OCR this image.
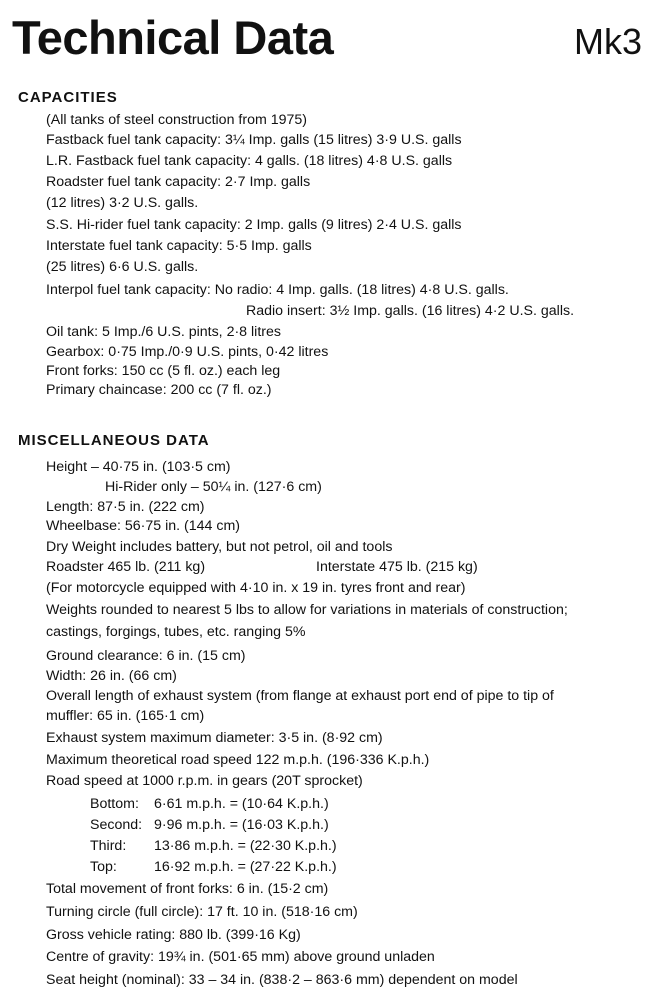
Technical Data	Mk3
CAPACITIES
(All tanks of steel construction from 1975)
Fastback fuel tank capacity: 3¼ Imp. galls (15 litres) 3·9 U.S. galls
L.R. Fastback fuel tank capacity: 4 galls. (18 litres) 4·8 U.S. galls
Roadster fuel tank capacity: 2·7 Imp. galls
(12 litres) 3·2 U.S. galls.
S.S. Hi-rider fuel tank capacity: 2 Imp. galls (9 litres) 2·4 U.S. galls
Interstate fuel tank capacity: 5·5 Imp. galls
(25 litres) 6·6 U.S. galls.
Interpol fuel tank capacity: No radio: 4 Imp. galls. (18 litres) 4·8 U.S. galls.
Radio insert: 3½ Imp. galls. (16 litres) 4·2 U.S. galls.
Oil tank: 5 Imp./6 U.S. pints, 2·8 litres
Gearbox: 0·75 Imp./0·9 U.S. pints, 0·42 litres
Front forks: 150 cc (5 fl. oz.) each leg
Primary chaincase: 200 cc (7 fl. oz.)
MISCELLANEOUS DATA
Height – 40·75 in. (103·5 cm)
Hi-Rider only – 50¼ in. (127·6 cm)
Length: 87·5 in. (222 cm)
Wheelbase: 56·75 in. (144 cm)
Dry Weight includes battery, but not petrol, oil and tools
Roadster 465 lb. (211 kg)	Interstate 475 lb. (215 kg)
(For motorcycle equipped with 4·10 in. x 19 in. tyres front and rear)
Weights rounded to nearest 5 lbs to allow for variations in materials of construction;
castings, forgings, tubes, etc. ranging 5%
Ground clearance: 6 in. (15 cm)
Width: 26 in. (66 cm)
Overall length of exhaust system (from flange at exhaust port end of pipe to tip of
muffler: 65 in. (165·1 cm)
Exhaust system maximum diameter: 3·5 in. (8·92 cm)
Maximum theoretical road speed 122 m.p.h. (196·336 K.p.h.)
Road speed at 1000 r.p.m. in gears (20T sprocket)
Bottom: 6·61 m.p.h. = (10·64 K.p.h.)
Second: 9·96 m.p.h. = (16·03 K.p.h.)
Third: 13·86 m.p.h. = (22·30 K.p.h.)
Top:	16·92 m.p.h. = (27·22 K.p.h.)
Total movement of front forks: 6 in. (15·2 cm)
Turning circle (full circle): 17 ft. 10 in. (518·16 cm)
Gross vehicle rating: 880 lb. (399·16 Kg)
Centre of gravity: 19¾ in. (501·65 mm) above ground unladen
Seat height (nominal): 33 – 34 in. (838·2 – 863·6 mm) dependent on model
